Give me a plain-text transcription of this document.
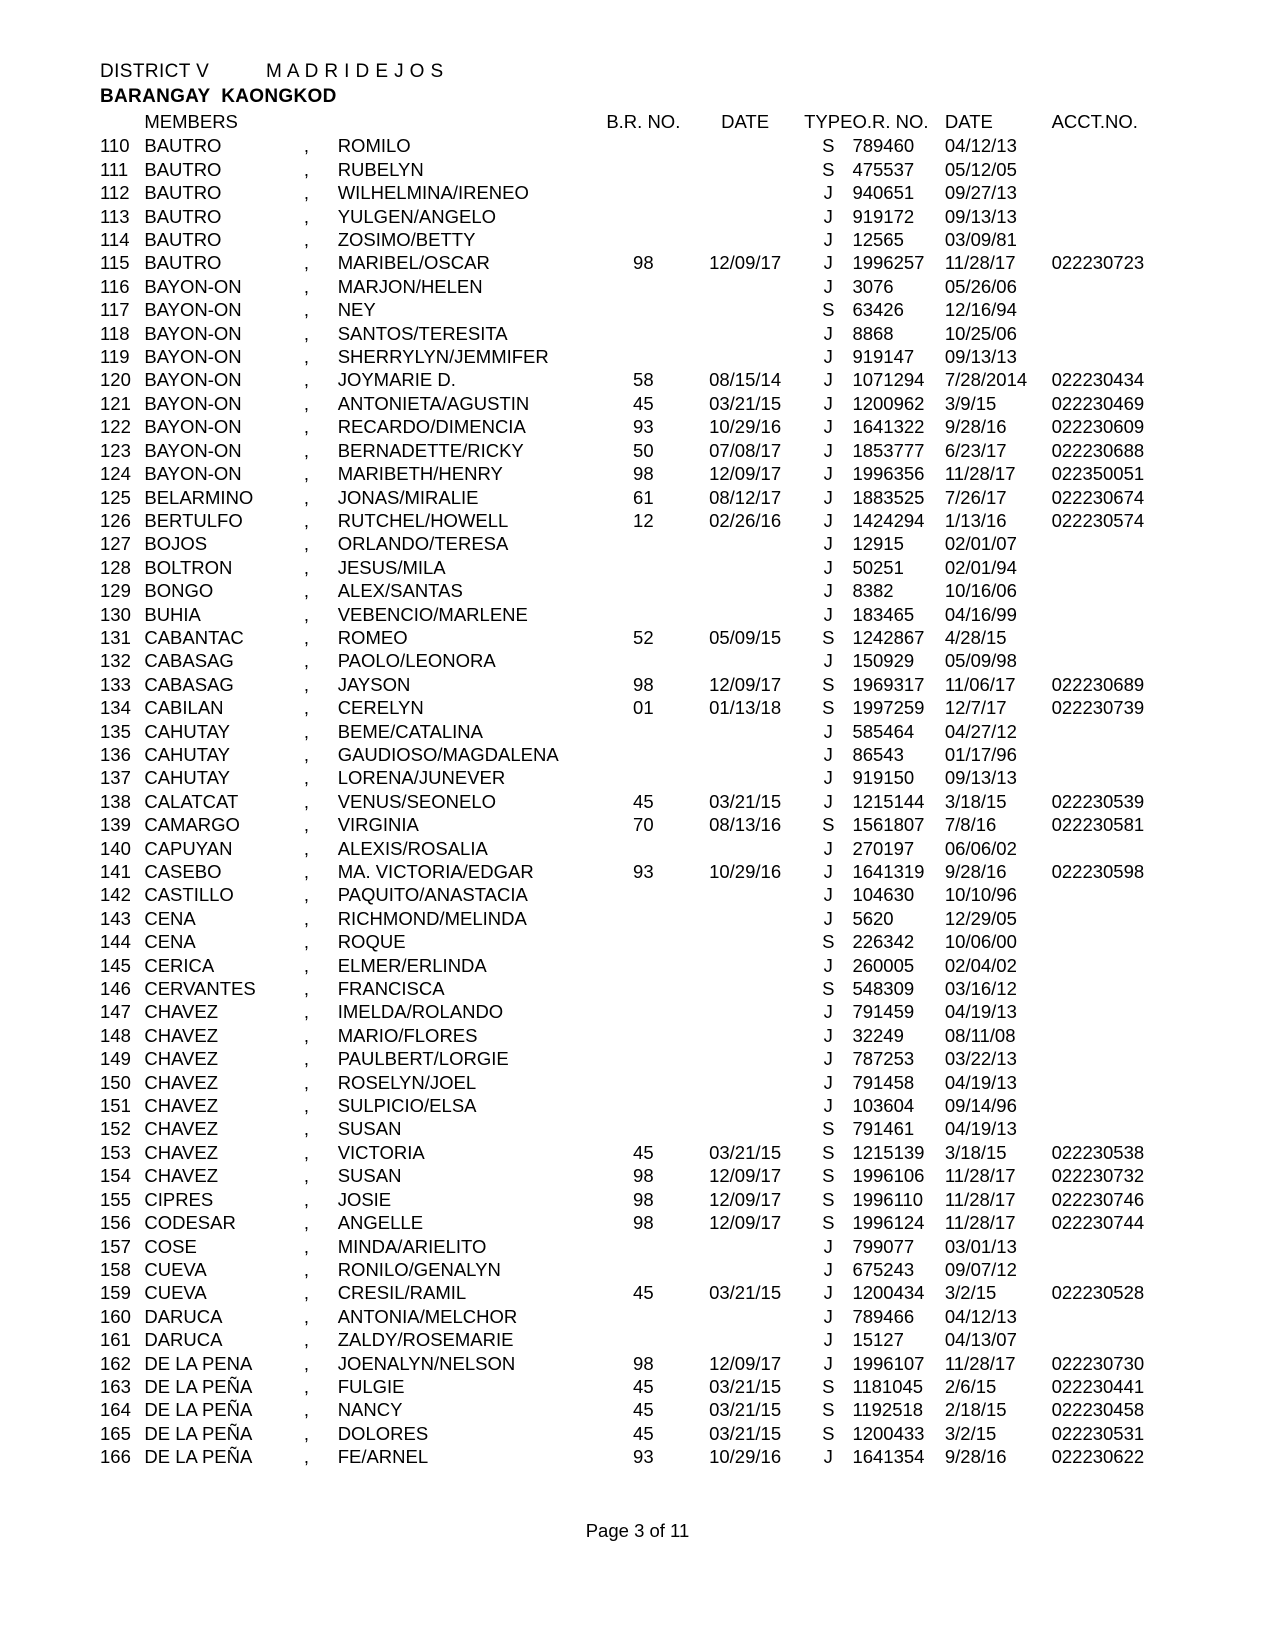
DISTRICT V          M A D R I D E J O S
BARANGAY  KAONGKOD
	MEMBERS			B.R. NO.	DATE	TYPE	O.R. NO.	DATE	ACCT.NO.
110	BAUTRO	,	ROMILO			S	789460	04/12/13	
111	BAUTRO	,	RUBELYN			S	475537	05/12/05	
112	BAUTRO	,	WILHELMINA/IRENEO			J	940651	09/27/13	
113	BAUTRO	,	YULGEN/ANGELO			J	919172	09/13/13	
114	BAUTRO	,	ZOSIMO/BETTY			J	12565	03/09/81	
115	BAUTRO	,	MARIBEL/OSCAR	98	12/09/17	J	1996257	11/28/17	022230723
116	BAYON-ON	,	MARJON/HELEN			J	3076	05/26/06	
117	BAYON-ON	,	NEY			S	63426	12/16/94	
118	BAYON-ON	,	SANTOS/TERESITA			J	8868	10/25/06	
119	BAYON-ON	,	SHERRYLYN/JEMMIFER			J	919147	09/13/13	
120	BAYON-ON	,	JOYMARIE D.	58	08/15/14	J	1071294	7/28/2014	022230434
121	BAYON-ON	,	ANTONIETA/AGUSTIN	45	03/21/15	J	1200962	3/9/15	022230469
122	BAYON-ON	,	RECARDO/DIMENCIA	93	10/29/16	J	1641322	9/28/16	022230609
123	BAYON-ON	,	BERNADETTE/RICKY	50	07/08/17	J	1853777	6/23/17	022230688
124	BAYON-ON	,	MARIBETH/HENRY	98	12/09/17	J	1996356	11/28/17	022350051
125	BELARMINO	,	JONAS/MIRALIE	61	08/12/17	J	1883525	7/26/17	022230674
126	BERTULFO	,	RUTCHEL/HOWELL	12	02/26/16	J	1424294	1/13/16	022230574
127	BOJOS	,	ORLANDO/TERESA			J	12915	02/01/07	
128	BOLTRON	,	JESUS/MILA			J	50251	02/01/94	
129	BONGO	,	ALEX/SANTAS			J	8382	10/16/06	
130	BUHIA	,	VEBENCIO/MARLENE			J	183465	04/16/99	
131	CABANTAC	,	ROMEO	52	05/09/15	S	1242867	4/28/15	
132	CABASAG	,	PAOLO/LEONORA			J	150929	05/09/98	
133	CABASAG	,	JAYSON	98	12/09/17	S	1969317	11/06/17	022230689
134	CABILAN	,	CERELYN	01	01/13/18	S	1997259	12/7/17	022230739
135	CAHUTAY	,	BEME/CATALINA			J	585464	04/27/12	
136	CAHUTAY	,	GAUDIOSO/MAGDALENA			J	86543	01/17/96	
137	CAHUTAY	,	LORENA/JUNEVER			J	919150	09/13/13	
138	CALATCAT	,	VENUS/SEONELO	45	03/21/15	J	1215144	3/18/15	022230539
139	CAMARGO	,	VIRGINIA	70	08/13/16	S	1561807	7/8/16	022230581
140	CAPUYAN	,	ALEXIS/ROSALIA			J	270197	06/06/02	
141	CASEBO	,	MA. VICTORIA/EDGAR	93	10/29/16	J	1641319	9/28/16	022230598
142	CASTILLO	,	PAQUITO/ANASTACIA			J	104630	10/10/96	
143	CENA	,	RICHMOND/MELINDA			J	5620	12/29/05	
144	CENA	,	ROQUE			S	226342	10/06/00	
145	CERICA	,	ELMER/ERLINDA			J	260005	02/04/02	
146	CERVANTES	,	FRANCISCA			S	548309	03/16/12	
147	CHAVEZ	,	IMELDA/ROLANDO			J	791459	04/19/13	
148	CHAVEZ	,	MARIO/FLORES			J	32249	08/11/08	
149	CHAVEZ	,	PAULBERT/LORGIE			J	787253	03/22/13	
150	CHAVEZ	,	ROSELYN/JOEL			J	791458	04/19/13	
151	CHAVEZ	,	SULPICIO/ELSA			J	103604	09/14/96	
152	CHAVEZ	,	SUSAN			S	791461	04/19/13	
153	CHAVEZ	,	VICTORIA	45	03/21/15	S	1215139	3/18/15	022230538
154	CHAVEZ	,	SUSAN	98	12/09/17	S	1996106	11/28/17	022230732
155	CIPRES	,	JOSIE	98	12/09/17	S	1996110	11/28/17	022230746
156	CODESAR	,	ANGELLE	98	12/09/17	S	1996124	11/28/17	022230744
157	COSE	,	MINDA/ARIELITO			J	799077	03/01/13	
158	CUEVA	,	RONILO/GENALYN			J	675243	09/07/12	
159	CUEVA	,	CRESIL/RAMIL	45	03/21/15	J	1200434	3/2/15	022230528
160	DARUCA	,	ANTONIA/MELCHOR			J	789466	04/12/13	
161	DARUCA	,	ZALDY/ROSEMARIE			J	15127	04/13/07	
162	DE LA PENA	,	JOENALYN/NELSON	98	12/09/17	J	1996107	11/28/17	022230730
163	DE LA PEÑA	,	FULGIE	45	03/21/15	S	1181045	2/6/15	022230441
164	DE LA PEÑA	,	NANCY	45	03/21/15	S	1192518	2/18/15	022230458
165	DE LA PEÑA	,	DOLORES	45	03/21/15	S	1200433	3/2/15	022230531
166	DE LA PEÑA	,	FE/ARNEL	93	10/29/16	J	1641354	9/28/16	022230622
Page 3 of 11
